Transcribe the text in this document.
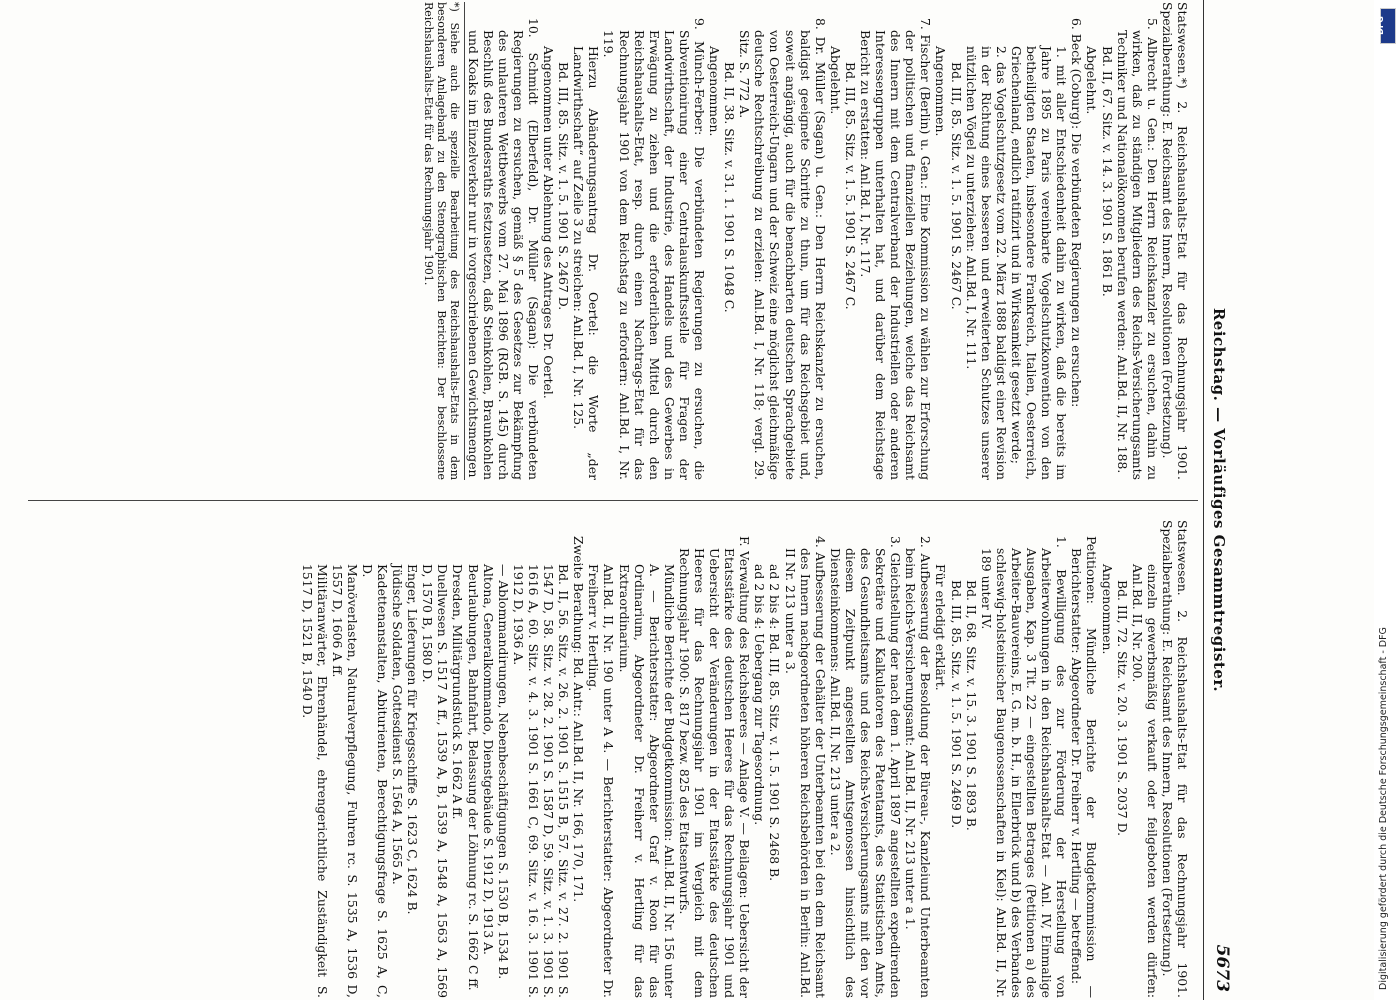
Reichstag. — Vorläufiges Gesammtregister.
5673

Statswesen.*) 2. Reichshaushalts-Etat für das Rechnungsjahr 1901. Spezialberathung: E. Reichsamt des Innern, Resolutionen (Fortsetzung).

5. Albrecht u. Gen.: Den Herrn Reichskanzler zu ersuchen, dahin zu wirken, daß zu ständigen Mitgliedern des Reichs-Versicherungsamts Techniker und Nationalökonomen berufen werden: Anl.Bd. II, Nr. 188.

Bd. II, 67. Sitz. v. 14. 3. 1901 S. 1861 B.

Abgelehnt.

6. Beck (Coburg): Die verbündeten Regierungen zu ersuchen:

1. mit aller Entschiedenheit dahin zu wirken, daß die bereits im Jahre 1895 zu Paris vereinbarte Vogelschutzkonvention von den betheiligten Staaten, insbesondere Frankreich, Italien, Oesterreich, Griechenland, endlich ratifizirt und in Wirksamkeit gesetzt werde;

2. das Vogelschutzgesetz vom 22. März 1888 baldigst einer Revision in der Richtung eines besseren und erweiterten Schutzes unserer nützlichen Vögel zu unterziehen: Anl.Bd. I, Nr. 111.

Bd. III, 85. Sitz. v. 1. 5. 1901 S. 2467 C.

Angenommen.

7. Fischer (Berlin) u. Gen.: Eine Kommission zu wählen zur Erforschung der politischen und finanziellen Beziehungen, welche das Reichsamt des Innern mit dem Centralverband der Industriellen oder anderen Interessengruppen unterhalten hat, und darüber dem Reichstage Bericht zu erstatten: Anl.Bd. I, Nr. 117.

Bd. III, 85. Sitz. v. 1. 5. 1901 S. 2467 C.

Abgelehnt.

8. Dr. Müller (Sagan) u. Gen.: Den Herrn Reichskanzler zu ersuchen, baldigst geeignete Schritte zu thun, um für das Reichsgebiet und, soweit angängig, auch für die benachbarten deutschen Sprachgebiete von Oesterreich-Ungarn und der Schweiz eine möglichst gleichmäßige deutsche Rechtschreibung zu erzielen: Anl.Bd. I, Nr. 118; vergl. 29. Sitz. S. 772 A.

Bd. II, 38. Sitz. v. 31. 1. 1901 S. 1048 C.

Angenommen.

9. Münch-Ferber: Die verbündeten Regierungen zu ersuchen, die Subventionirung einer Centralauskunftsstelle für Fragen der Landwirthschaft, der Industrie, des Handels und des Gewerbes in Erwägung zu ziehen und die erforderlichen Mittel durch den Reichshaushalts-Etat, resp. durch einen Nachtrags-Etat für das Rechnungsjahr 1901 von dem Reichstag zu erfordern: Anl.Bd. I, Nr. 119.

Hierzu Abänderungsantrag Dr. Oertel: die Worte „der Landwirthschaft“ auf Zeile 3 zu streichen: Anl.Bd. I, Nr. 125.

Bd. III, 85. Sitz. v. 1. 5. 1901 S. 2467 D.

Angenommen unter Ablehnung des Antrages Dr. Oertel.

10. Schmidt (Elberfeld), Dr. Müller (Sagan): Die verbündeten Regierungen zu ersuchen, gemäß § 5 des Gesetzes zur Bekämpfung des unlauteren Wettbewerbs vom 27. Mai 1896 (RGB. S. 145) durch Beschluß des Bundesraths festzusetzen, daß Steinkohlen, Braunkohlen und Koaks im Einzelverkehr nur in vorgeschriebenen Gewichtsmengen

*) Siehe auch die spezielle Bearbeitung des Reichshaushalts-Etats in dem besonderen Anlageband zu den Stenographischen Berichten: Der beschlossene Reichshaushalts-Etat für das Rechnungsjahr 1901.

Statswesen. 2. Reichshaushalts-Etat für das Rechnungsjahr 1901. Spezialberathung: E. Reichsamt des Innern, Resolutionen (Fortsetzung).

einzeln gewerbsmäßig verkauft oder feilgeboten werden dürfen: Anl.Bd. II, Nr. 200.

Bd. III, 72. Sitz. v. 20. 3. 1901 S. 2037 D.

Angenommen.

Petitionen: Mündliche Berichte der Budgetkommission — Berichterstatter: Abgeordneter Dr. Freiherr v. Hertling — betreffend:

1. Bewilligung des zur Förderung der Herstellung von Arbeiterwohnungen in den Reichshaushalts-Etat — Anl. IV, Einmalige Ausgaben, Kap. 3 Tit. 22 — eingestellten Betrages (Petitionen a) des Arbeiter-Bauvereins, E. G. m. b. H., in Ellerbrück und b) des Verbandes schleswig-holsteinischer Baugenossenschaften in Kiel): Anl.Bd. II, Nr. 189 unter IV.

Bd. II, 68. Sitz. v. 15. 3. 1901 S. 1893 B.

Bd. III, 85. Sitz. v. 1. 5. 1901 S. 2469 D.

Für erledigt erklärt.

2. Aufbesserung der Besoldung der Büreau-, Kanzleiund Unterbeamten beim Reichs-Versicherungsamt: Anl.Bd. II, Nr. 213 unter a 1.

3. Gleichstellung der nach dem 1. April 1897 angestellten expedirenden Sekretäre und Kalkulatoren des Patentamts, des Statistischen Amts, des Gesundheitsamts und des Reichs-Versicherungsamts mit den vor diesem Zeitpunkt angestellten Amtsgenossen hinsichtlich des Diensteinkommens: Anl.Bd. II, Nr. 213 unter a 2.

4. Aufbesserung der Gehälter der Unterbeamten bei den dem Reichsamt des Innern nachgeordneten höheren Reichsbehörden in Berlin: Anl.Bd. II Nr. 213 unter a 3.

ad 2 bis 4: Bd. III, 85. Sitz. v. 1. 5. 1901 S. 2468 B.

ad 2 bis 4: Uebergang zur Tagesordnung.

F. Verwaltung des Reichsheeres — Anlage V. — Beilagen: Uebersicht der Etatsstärke des deutschen Heeres für das Rechnungsjahr 1901 und Uebersicht der Veränderungen in der Etatsstärke des deutschen Heeres für das Rechnungsjahr 1901 im Vergleich mit dem Rechnungsjahr 1900: S. 817 bezw. 825 des Etatsentwurfs.

Mündliche Berichte der Budgetkommission: Anl.Bd. II, Nr. 156 unter A. — Berichterstatter: Abgeordneter Graf v. Roon für das Ordinarium, Abgeordneter Dr. Freiherr v. Hertling für das Extraordinarium.

Anl.Bd. II, Nr. 190 unter A 4. — Berichterstatter: Abgeordneter Dr. Freiherr v. Hertling.

Zweite Berathung: Bd. Antr.: Anl.Bd. II, Nr. 166, 170, 171.

Bd. II, 56. Sitz. v. 26. 2. 1901 S. 1515 B, 57. Sitz. v. 27. 2. 1901 S. 1547 D, 58. Sitz. v. 28. 2. 1901 S. 1587 D, 59. Sitz. v. 1. 3. 1901 S. 1616 A, 60. Sitz. v. 4. 3. 1901 S. 1661 C, 69. Sitz. v. 16. 3. 1901 S. 1912 D, 1936 A.

— Ablommandirungen, Nebenbeschäftigungen S. 1530 B, 1534 B.

Altona, Generalkommando, Dienstgebäude S. 1912 D, 1913 A.

Beurlaubungen, Bahnfahrt, Belassung der Löhnung rc. S. 1662 C ff.

Dresden, Militärgrundstück S. 1662 A ff.

Duellwesen S. 1517 A ff., 1539 A, B, 1539 A, 1548 A, 1563 A, 1569 D, 1570 B, 1580 D.

Enger, Lieferungen für Kriegsschiffe S. 1623 C, 1624 B.

Jüdische Soldaten, Gottesdienst S. 1564 A, 1565 A.

Kadettenanstalten, Abiturienten, Berechtigungsfrage S. 1625 A, C, D.

Manöverlasten, Naturalverpflegung, Fuhren rc. S. 1535 A, 1536 D, 1557 D, 1606 A ff.

Militäranwärter, Ehrenhändel, ehrengerichtliche Zuständigkeit S. 1517 D, 1521 B, 1540 D.	Digitalisierung gefördert durch die Deutsche Forschungsgemeinschaft - DFG
DFG
